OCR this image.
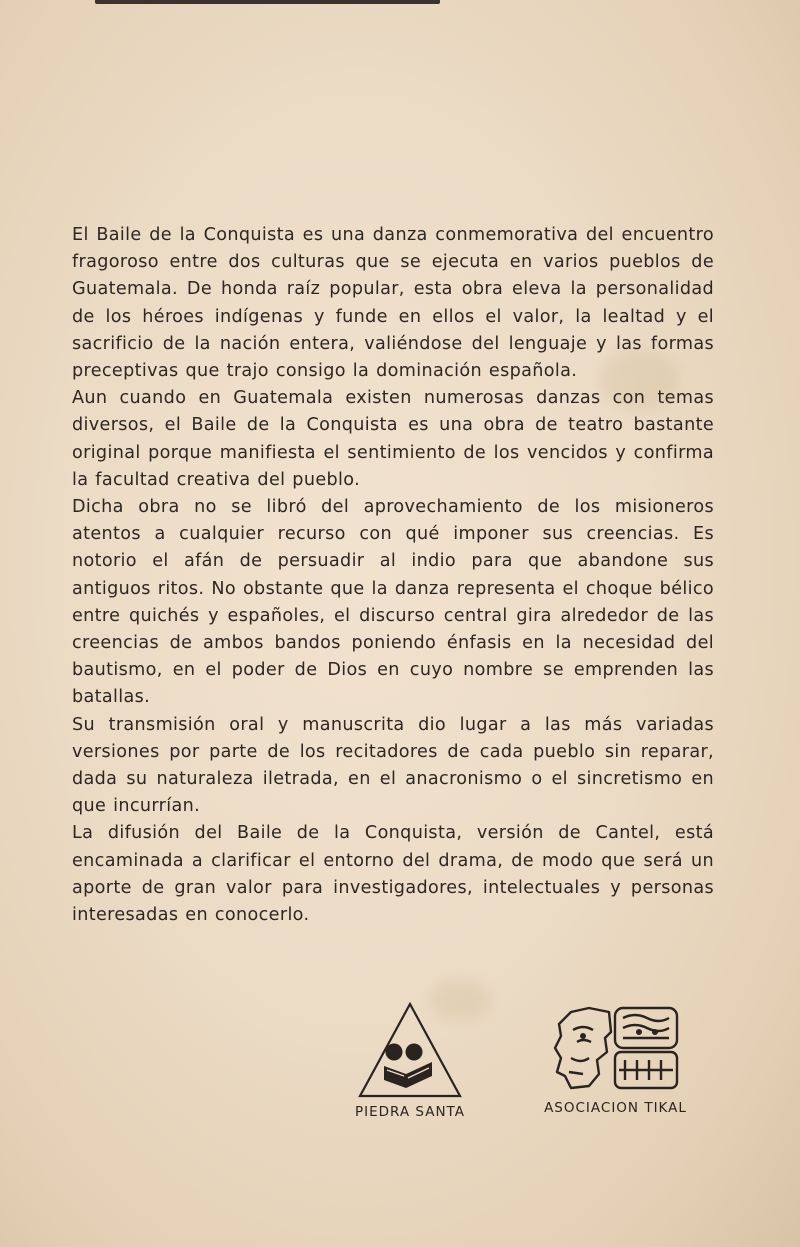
El Baile de la Conquista es una danza conmemorativa del encuentro fragoroso entre dos culturas que se ejecuta en varios pueblos de Guatemala. De honda raíz popular, esta obra eleva la personalidad de los héroes indígenas y funde en ellos el valor, la lealtad y el sacrificio de la nación entera, valiéndose del lenguaje y las formas preceptivas que trajo consigo la dominación española.

Aun cuando en Guatemala existen numerosas danzas con temas diversos, el Baile de la Conquista es una obra de teatro bastante original porque manifiesta el sentimiento de los vencidos y confirma la facultad creativa del pueblo.

Dicha obra no se libró del aprovechamiento de los misioneros atentos a cualquier recurso con qué imponer sus creencias. Es notorio el afán de persuadir al indio para que abandone sus antiguos ritos. No obstante que la danza representa el choque bélico entre quichés y españoles, el discurso central gira alrededor de las creencias de ambos bandos poniendo énfasis en la necesidad del bautismo, en el poder de Dios en cuyo nombre se emprenden las batallas.

Su transmisión oral y manuscrita dio lugar a las más variadas versiones por parte de los recitadores de cada pueblo sin reparar, dada su naturaleza iletrada, en el anacronismo o el sincretismo en que incurrían.

La difusión del Baile de la Conquista, versión de Cantel, está encaminada a clarificar el entorno del drama, de modo que será un aporte de gran valor para investigadores, intelectuales y personas interesadas en conocerlo.

PIEDRA SANTA	ASOCIACION TIKAL
